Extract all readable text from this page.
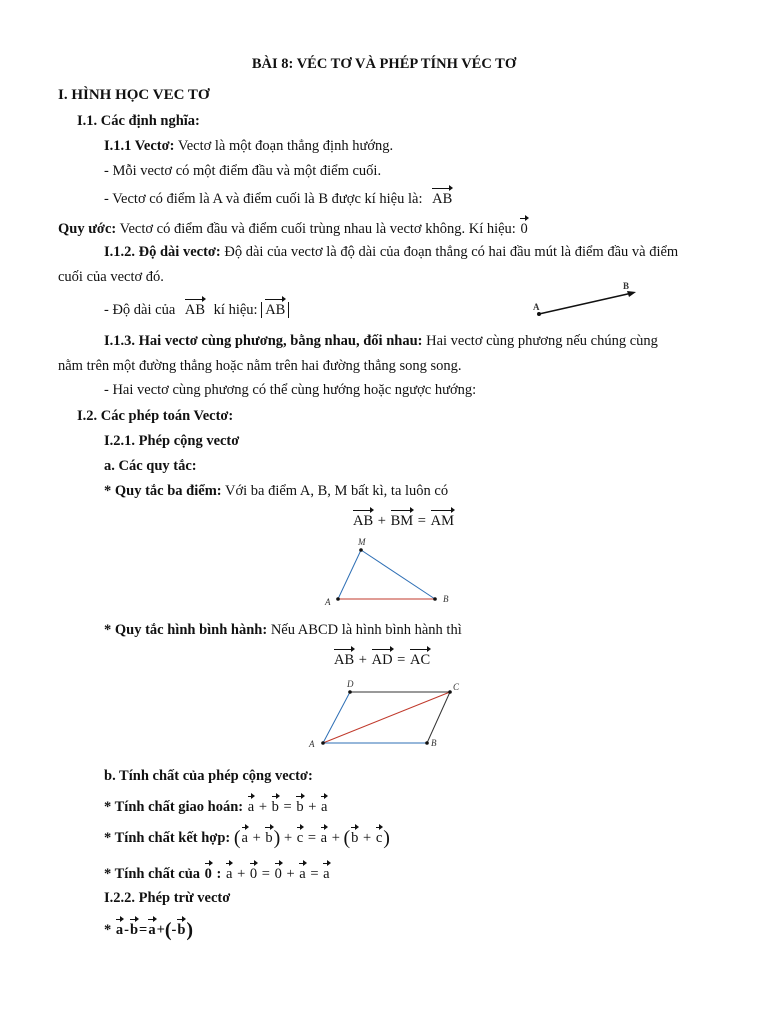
BÀI 8: VÉC TƠ VÀ PHÉP TÍNH VÉC TƠ
I. HÌNH HỌC VEC TƠ
I.1. Các định nghĩa:
I.1.1 Vectơ: Vectơ là một đoạn thẳng định hướng.
- Mỗi vectơ có một điểm đầu và một điểm cuối.
- Vectơ có điểm là A và điểm cuối là B được kí hiệu là: AB
Quy ước: Vectơ có điểm đầu và điểm cuối trùng nhau là vectơ không. Kí hiệu: 0
I.1.2. Độ dài vectơ: Độ dài của vectơ là độ dài của đoạn thẳng có hai đầu mút là điểm đầu và điểm
cuối của vectơ đó.
- Độ dài của AB kí hiệu: AB	A
B
I.1.3. Hai vectơ cùng phương, bằng nhau, đối nhau: Hai vectơ cùng phương nếu chúng cùng
nằm trên một đường thẳng hoặc nằm trên hai đường thẳng song song.
- Hai vectơ cùng phương có thể cùng hướng hoặc ngược hướng:
I.2. Các phép toán Vectơ:
I.2.1. Phép cộng vectơ
a. Các quy tắc:
* Quy tắc ba điểm: Với ba điểm A, B, M bất kì, ta luôn có
AB + BM = AM
M
A	B
* Quy tắc hình bình hành: Nếu ABCD là hình bình hành thì
AB + AD = AC
D	C
A	B
b. Tính chất của phép cộng vectơ:
* Tính chất giao hoán: a + b = b + a
* Tính chất kết hợp: (a + b) + c = a + (b + c)
* Tính chất của 0 : a + 0 = 0 + a = a
I.2.2. Phép trừ vectơ
* a-b=a+(-b)
